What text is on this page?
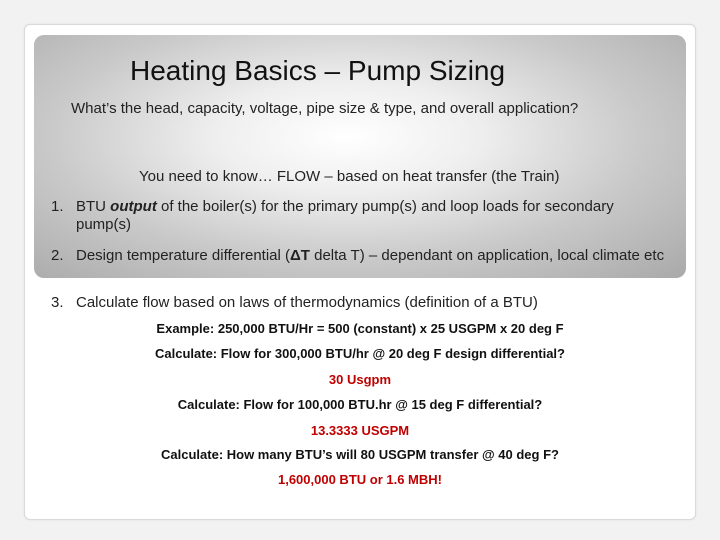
Heating Basics – Pump Sizing
What’s the head, capacity, voltage, pipe size & type, and overall application?
You need to know… FLOW – based on heat transfer (the Train)
1. BTU output of the boiler(s) for the primary pump(s) and loop loads for secondary pump(s)
2. Design temperature differential (ΔT delta T) – dependant on application, local climate etc
3. Calculate flow based on laws of thermodynamics (definition of a BTU)
Example: 250,000 BTU/Hr = 500 (constant) x 25 USGPM x 20 deg F
Calculate: Flow for 300,000 BTU/hr @ 20 deg F design differential?
30 Usgpm
Calculate: Flow for 100,000 BTU.hr @ 15 deg F differential?
13.3333 USGPM
Calculate: How many BTU’s will 80 USGPM transfer @ 40 deg F?
1,600,000 BTU or 1.6 MBH!
